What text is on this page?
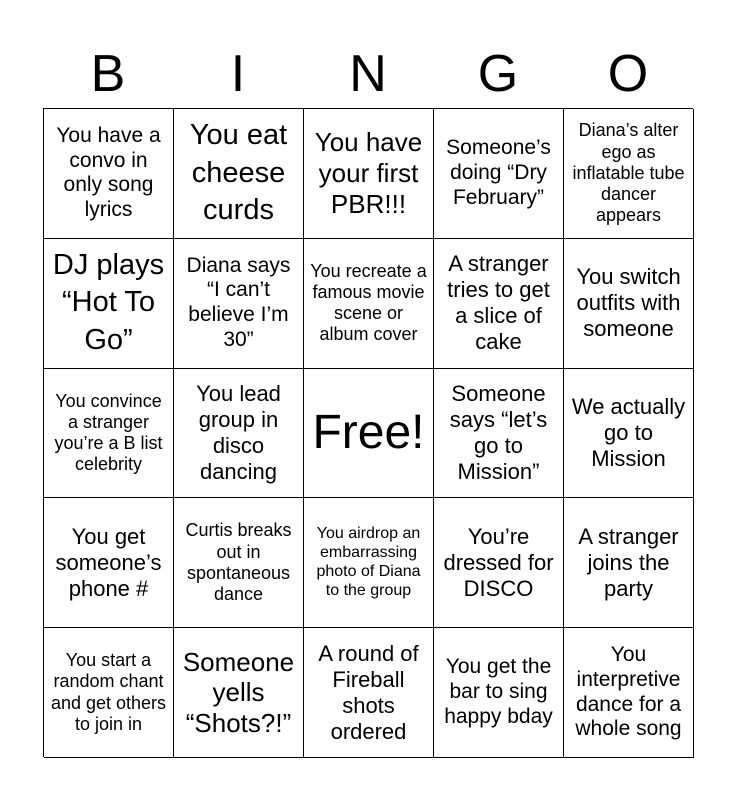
B	I	N	G	O
You have a convo in only song lyrics
You eat cheese curds
You have your first PBR!!!
Someone’s doing “Dry February”
Diana’s alter ego as inflatable tube dancer appears
DJ plays “Hot To Go”
Diana says “I can’t believe I’m 30”
You recreate a famous movie scene or album cover
A stranger tries to get a slice of cake
You switch outfits with someone
You convince a stranger you’re a B list celebrity
You lead group in disco dancing
Free!
Someone says “let’s go to Mission”
We actually go to Mission
You get someone’s phone #
Curtis breaks out in spontaneous dance
You airdrop an embarrassing photo of Diana to the group
You’re dressed for DISCO
A stranger joins the party
You start a random chant and get others to join in
Someone yells “Shots?!”
A round of Fireball shots ordered
You get the bar to sing happy bday
You interpretive dance for a whole song
